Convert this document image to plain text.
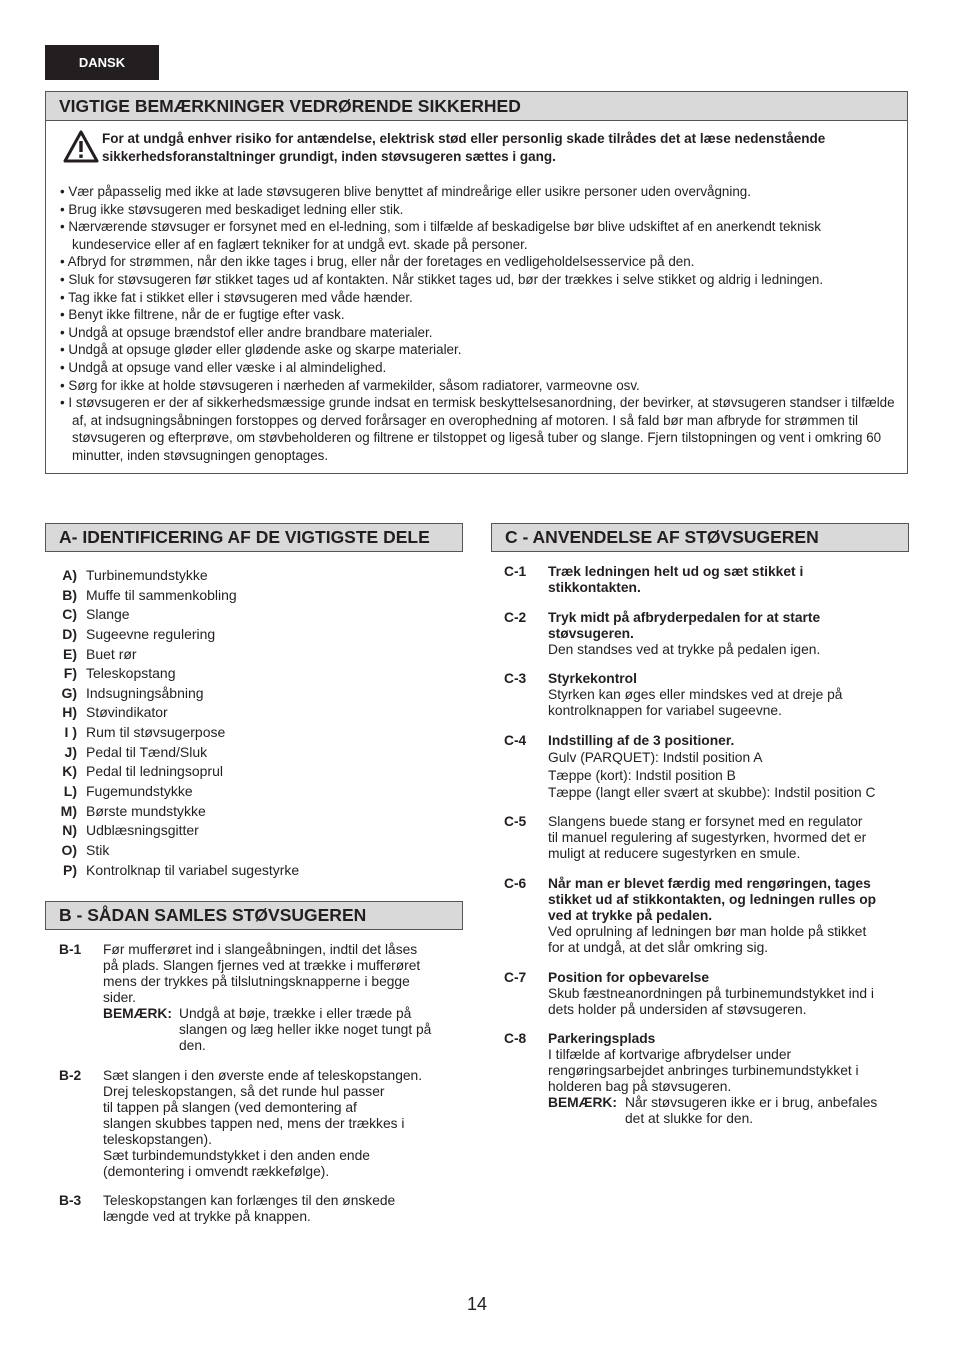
DANSK
VIGTIGE BEMÆRKNINGER VEDRØRENDE SIKKERHED
For at undgå enhver risiko for antændelse, elektrisk stød eller personlig skade tilrådes det at læse nedenstående sikkerhedsforanstaltninger grundigt, inden støvsugeren sættes i gang.
• Vær påpasselig med ikke at lade støvsugeren blive benyttet af mindreårige eller usikre personer uden overvågning.
• Brug ikke støvsugeren med beskadiget ledning eller stik.
• Nærværende støvsuger er forsynet med en el-ledning, som i tilfælde af beskadigelse bør blive udskiftet af en anerkendt teknisk kundeservice eller af en faglært tekniker for at undgå evt. skade på personer.
• Afbryd for strømmen, når den ikke tages i brug, eller når der foretages en vedligeholdelsesservice på den.
• Sluk for støvsugeren før stikket tages ud af kontakten. Når stikket tages ud, bør der trækkes i selve stikket og aldrig i ledningen.
• Tag ikke fat i stikket eller i støvsugeren med våde hænder.
• Benyt ikke filtrene, når de er fugtige efter vask.
• Undgå at opsuge brændstof eller andre brandbare materialer.
• Undgå at opsuge gløder eller glødende aske og skarpe materialer.
• Undgå at opsuge vand eller væske i al almindelighed.
• Sørg for ikke at holde støvsugeren i nærheden af varmekilder, såsom radiatorer, varmeovne osv.
• I støvsugeren er der af sikkerhedsmæssige grunde indsat en termisk beskyttelsesanordning, der bevirker, at støvsugeren standser i tilfælde af, at indsugningsåbningen forstoppes og derved forårsager en overophedning af motoren. I så fald bør man afbryde for strømmen til støvsugeren og efterprøve, om støvbeholderen og filtrene er tilstoppet og ligeså tuber og slange. Fjern tilstopningen og vent i omkring 60 minutter, inden støvsugningen genoptages.
A- IDENTIFICERING AF DE VIGTIGSTE DELE
A) Turbinemundstykke
B) Muffe til sammenkobling
C) Slange
D) Sugeevne regulering
E) Buet rør
F) Teleskopstang
G) Indsugningsåbning
H) Støvindikator
I ) Rum til støvsugerpose
J) Pedal til Tænd/Sluk
K) Pedal til ledningsoprul
L) Fugemundstykke
M) Børste mundstykke
N) Udblæsningsgitter
O) Stik
P) Kontrolknap til variabel sugestyrke
B - SÅDAN SAMLES STØVSUGEREN
B-1 Før mufferøret ind i slangeåbningen, indtil det låses
på plads. Slangen fjernes ved at trække i mufferøret
mens der trykkes på tilslutningsknapperne i begge
sider.
BEMÆRK: Undgå at bøje, trække i eller træde på
slangen og læg heller ikke noget tungt på
den.
B-2 Sæt slangen i den øverste ende af teleskopstangen.
Drej teleskopstangen, så det runde hul passer
til tappen på slangen (ved demontering af
slangen skubbes tappen ned, mens der trækkes i
teleskopstangen).
Sæt turbindemundstykket i den anden ende
(demontering i omvendt rækkefølge).
B-3 Teleskopstangen kan forlænges til den ønskede
længde ved at trykke på knappen.
C - ANVENDELSE AF STØVSUGEREN
C-1 Træk ledningen helt ud og sæt stikket i
stikkontakten.
C-2 Tryk midt på afbryderpedalen for at starte
støvsugeren.
Den standses ved at trykke på pedalen igen.
C-3 Styrkekontrol
Styrken kan øges eller mindskes ved at dreje på
kontrolknappen for variabel sugeevne.
C-4 Indstilling af de 3 positioner.
Gulv (PARQUET): Indstil position A
Tæppe (kort): Indstil position B
Tæppe (langt eller svært at skubbe): Indstil position C
C-5 Slangens buede stang er forsynet med en regulator
til manuel regulering af sugestyrken, hvormed det er
muligt at reducere sugestyrken en smule.
C-6 Når man er blevet færdig med rengøringen, tages
stikket ud af stikkontakten, og ledningen rulles op
ved at trykke på pedalen.
Ved oprulning af ledningen bør man holde på stikket
for at undgå, at det slår omkring sig.
C-7 Position for opbevarelse
Skub fæstneanordningen på turbinemundstykket ind i
dets holder på undersiden af støvsugeren.
C-8 Parkeringsplads
I tilfælde af kortvarige afbrydelser under
rengøringsarbejdet anbringes turbinemundstykket i
holderen bag på støvsugeren.
BEMÆRK: Når støvsugeren ikke er i brug, anbefales
det at slukke for den.
14
